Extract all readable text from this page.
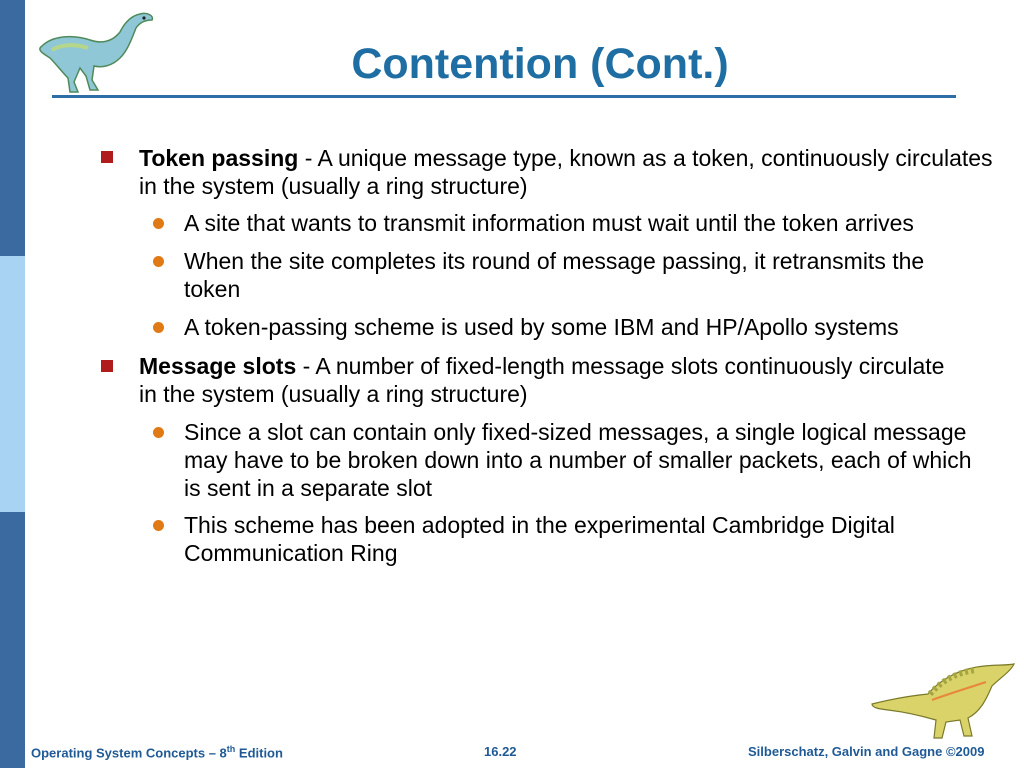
Contention (Cont.)
Token passing - A unique message type, known as a token, continuously circulates in the system (usually a ring structure)
A site that wants to transmit information must wait until the token arrives
When the site completes its round of message passing, it retransmits the token
A token-passing scheme is used by some IBM and HP/Apollo systems
Message slots - A number of fixed-length message slots continuously circulate in the system (usually a ring structure)
Since a slot can contain only fixed-sized messages, a single logical message may have to be broken down into a number of smaller packets, each of which is sent in a separate slot
This scheme has been adopted in the experimental Cambridge Digital Communication Ring
Operating System Concepts – 8th Edition	16.22	Silberschatz, Galvin and Gagne ©2009
